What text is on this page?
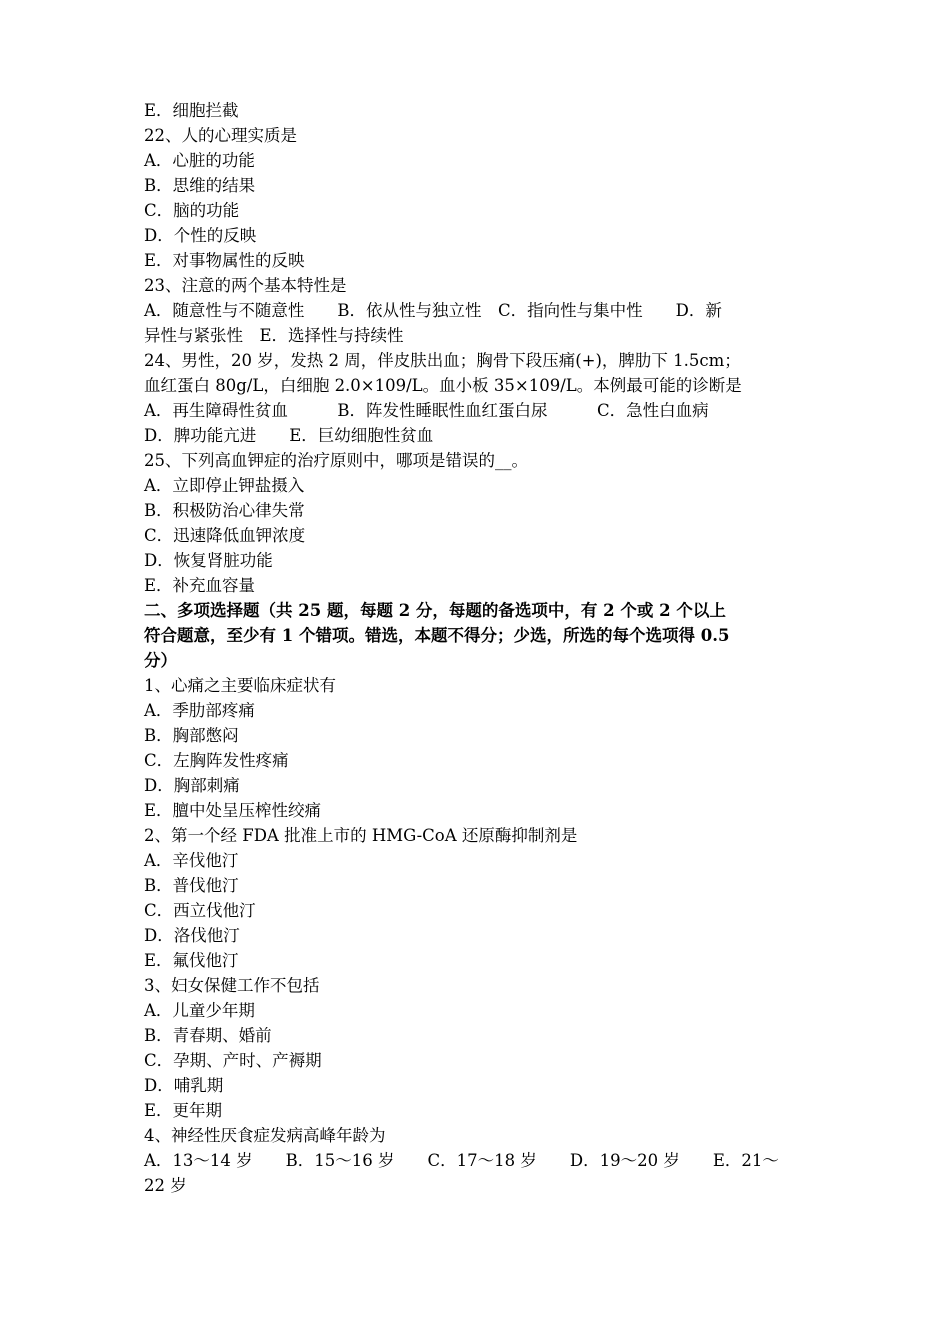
E．细胞拦截
22、人的心理实质是
A．心脏的功能
B．思维的结果
C．脑的功能
D．个性的反映
E．对事物属性的反映
23、注意的两个基本特性是
A．随意性与不随意性　　B．依从性与独立性　C．指向性与集中性　　D．新
异性与紧张性　E．选择性与持续性
24、男性，20 岁，发热 2 周，伴皮肤出血；胸骨下段压痛(+)，脾肋下 1.5cm；
血红蛋白 80g/L，白细胞 2.0×109/L。血小板 35×109/L。本例最可能的诊断是
A．再生障碍性贫血　　　B．阵发性睡眠性血红蛋白尿　　　C．急性白血病
D．脾功能亢进　　E．巨幼细胞性贫血
25、下列高血钾症的治疗原则中，哪项是错误的__。
A．立即停止钾盐摄入
B．积极防治心律失常
C．迅速降低血钾浓度
D．恢复肾脏功能
E．补充血容量
二、多项选择题（共 25 题，每题 2 分，每题的备选项中，有 2 个或 2 个以上
符合题意，至少有 1 个错项。错选，本题不得分；少选，所选的每个选项得 0.5
分）
1、心痛之主要临床症状有
A．季肋部疼痛
B．胸部憋闷
C．左胸阵发性疼痛
D．胸部刺痛
E．膻中处呈压榨性绞痛
2、第一个经 FDA 批准上市的 HMG-CoA 还原酶抑制剂是
A．辛伐他汀
B．普伐他汀
C．西立伐他汀
D．洛伐他汀
E．氟伐他汀
3、妇女保健工作不包括
A．儿童少年期
B．青春期、婚前
C．孕期、产时、产褥期
D．哺乳期
E．更年期
4、神经性厌食症发病高峰年龄为
A．13～14 岁　　B．15～16 岁　　C．17～18 岁　　D．19～20 岁　　E．21～
22 岁
